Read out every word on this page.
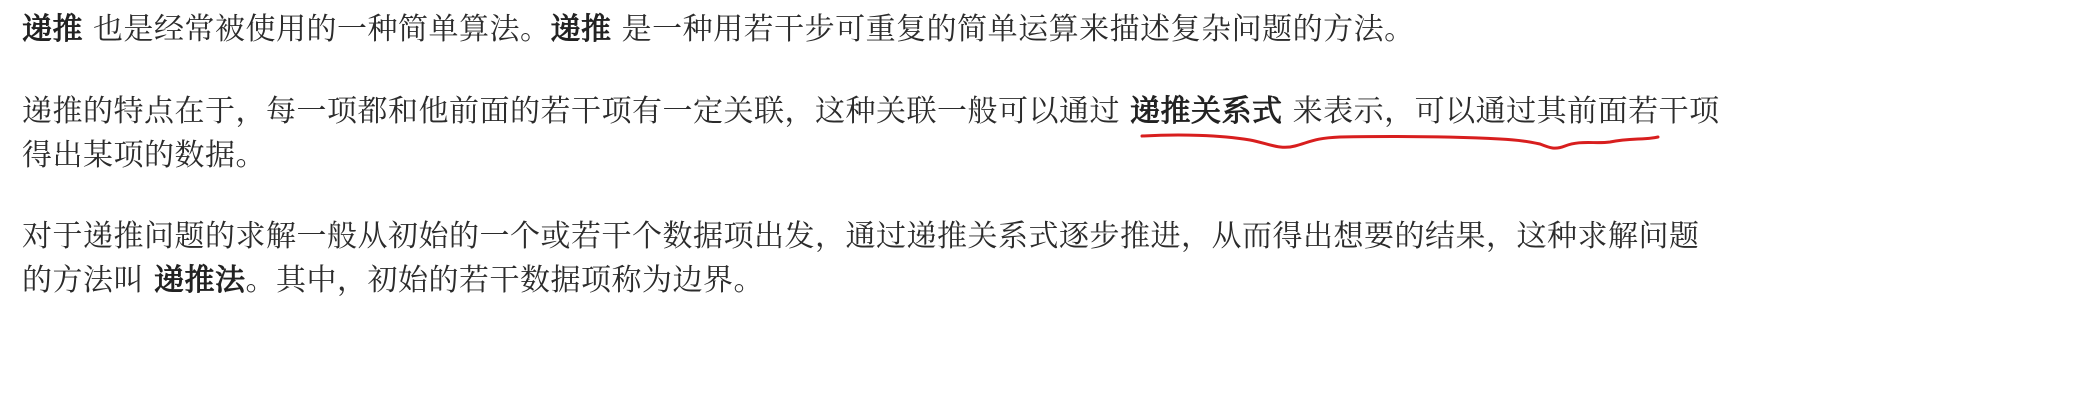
递推 也是经常被使用的一种简单算法。递推 是一种用若干步可重复的简单运算来描述复杂问题的方法。

递推的特点在于，每一项都和他前面的若干项有一定关联，这种关联一般可以通过 递推关系式 来表示，可以通过其前面若干项
得出某项的数据。

对于递推问题的求解一般从初始的一个或若干个数据项出发，通过递推关系式逐步推进，从而得出想要的结果，这种求解问题
的方法叫 递推法。其中，初始的若干数据项称为边界。
